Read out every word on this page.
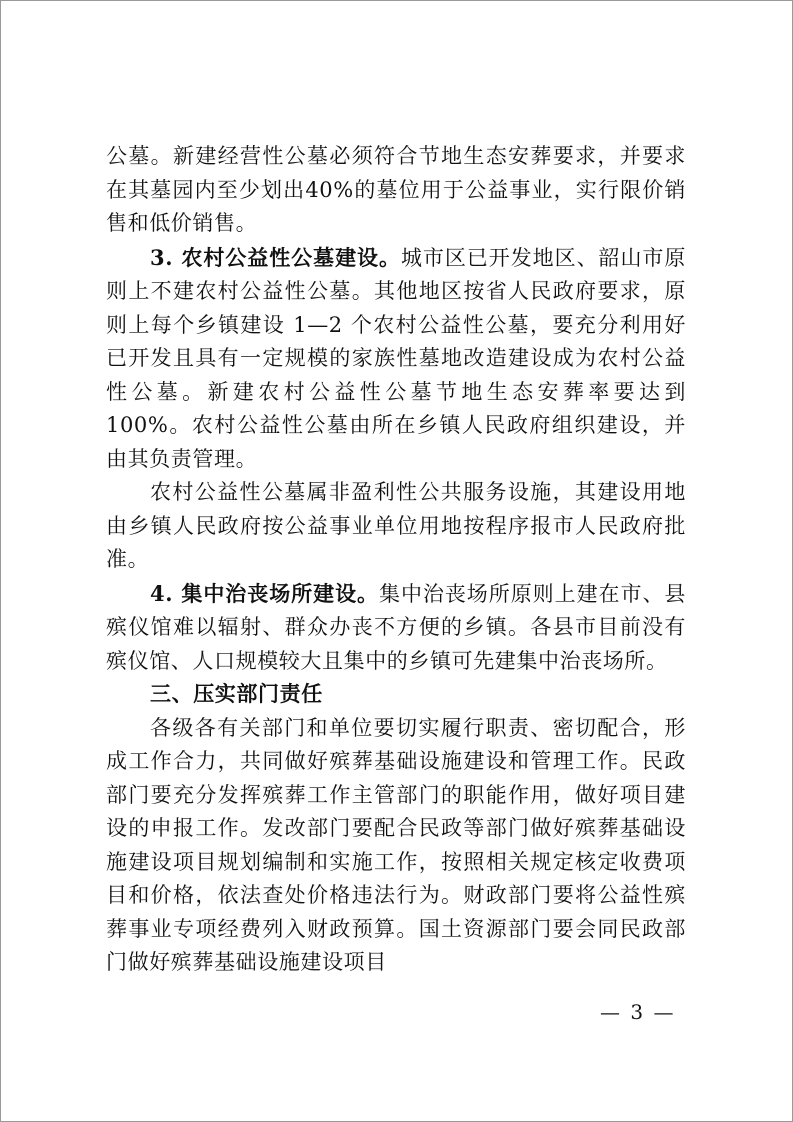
公墓。新建经营性公墓必须符合节地生态安葬要求，并要求在其墓园内至少划出40%的墓位用于公益事业，实行限价销售和低价销售。

3. 农村公益性公墓建设。城市区已开发地区、韶山市原则上不建农村公益性公墓。其他地区按省人民政府要求，原则上每个乡镇建设 1—2 个农村公益性公墓，要充分利用好已开发且具有一定规模的家族性墓地改造建设成为农村公益性公墓。新建农村公益性公墓节地生态安葬率要达到 100%。农村公益性公墓由所在乡镇人民政府组织建设，并由其负责管理。

农村公益性公墓属非盈利性公共服务设施，其建设用地由乡镇人民政府按公益事业单位用地按程序报市人民政府批准。

4. 集中治丧场所建设。集中治丧场所原则上建在市、县殡仪馆难以辐射、群众办丧不方便的乡镇。各县市目前没有殡仪馆、人口规模较大且集中的乡镇可先建集中治丧场所。

三、压实部门责任

各级各有关部门和单位要切实履行职责、密切配合，形成工作合力，共同做好殡葬基础设施建设和管理工作。民政部门要充分发挥殡葬工作主管部门的职能作用，做好项目建设的申报工作。发改部门要配合民政等部门做好殡葬基础设施建设项目规划编制和实施工作，按照相关规定核定收费项目和价格，依法查处价格违法行为。财政部门要将公益性殡葬事业专项经费列入财政预算。国土资源部门要会同民政部门做好殡葬基础设施建设项目

— 3 —
